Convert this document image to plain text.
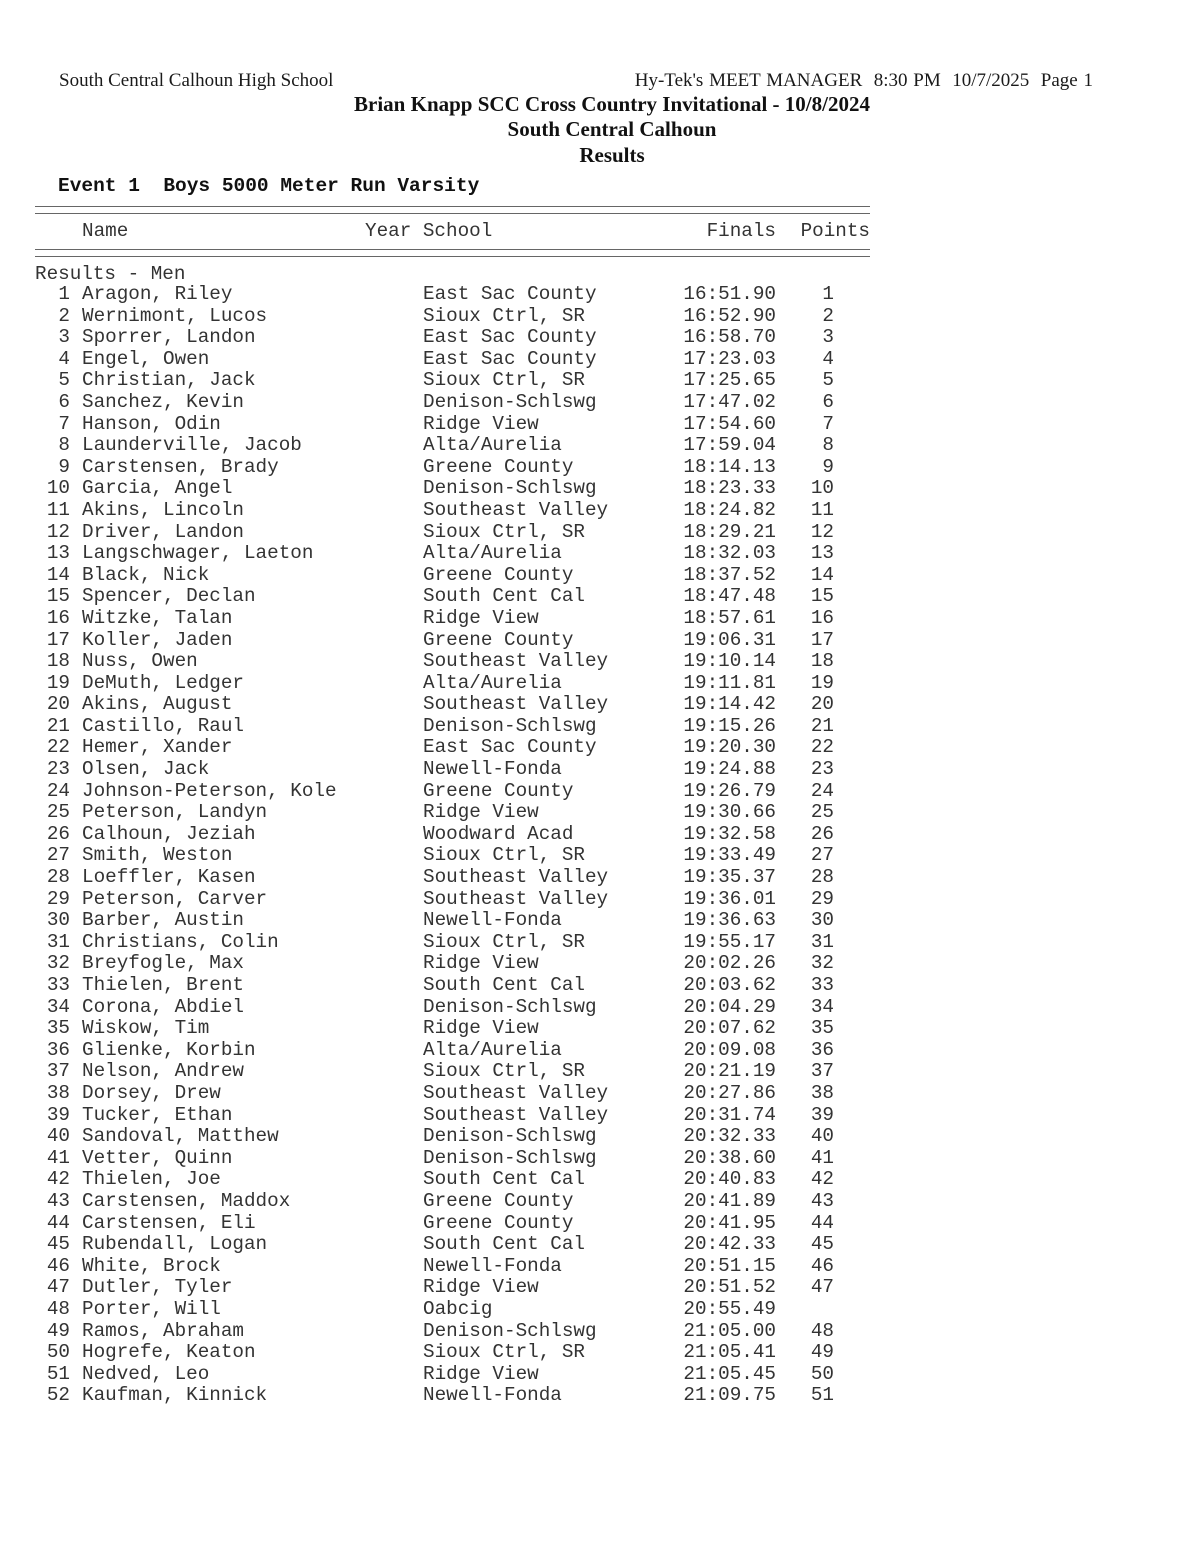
South Central Calhoun High School	Hy-Tek's MEET MANAGER  8:30 PM  10/7/2025  Page 1
Brian Knapp SCC Cross Country Invitational - 10/8/2024
South Central Calhoun
Results
Event 1  Boys 5000 Meter Run Varsity
Name	Year School	Finals	Points
Results - Men
1 Aragon, Riley	East Sac County	16:51.90	1
2 Wernimont, Lucos	Sioux Ctrl, SR	16:52.90	2
3 Sporrer, Landon	East Sac County	16:58.70	3
4 Engel, Owen	East Sac County	17:23.03	4
5 Christian, Jack	Sioux Ctrl, SR	17:25.65	5
6 Sanchez, Kevin	Denison-Schlswg	17:47.02	6
7 Hanson, Odin	Ridge View	17:54.60	7
8 Launderville, Jacob	Alta/Aurelia	17:59.04	8
9 Carstensen, Brady	Greene County	18:14.13	9
10 Garcia, Angel	Denison-Schlswg	18:23.33	10
11 Akins, Lincoln	Southeast Valley	18:24.82	11
12 Driver, Landon	Sioux Ctrl, SR	18:29.21	12
13 Langschwager, Laeton	Alta/Aurelia	18:32.03	13
14 Black, Nick	Greene County	18:37.52	14
15 Spencer, Declan	South Cent Cal	18:47.48	15
16 Witzke, Talan	Ridge View	18:57.61	16
17 Koller, Jaden	Greene County	19:06.31	17
18 Nuss, Owen	Southeast Valley	19:10.14	18
19 DeMuth, Ledger	Alta/Aurelia	19:11.81	19
20 Akins, August	Southeast Valley	19:14.42	20
21 Castillo, Raul	Denison-Schlswg	19:15.26	21
22 Hemer, Xander	East Sac County	19:20.30	22
23 Olsen, Jack	Newell-Fonda	19:24.88	23
24 Johnson-Peterson, Kole	Greene County	19:26.79	24
25 Peterson, Landyn	Ridge View	19:30.66	25
26 Calhoun, Jeziah	Woodward Acad	19:32.58	26
27 Smith, Weston	Sioux Ctrl, SR	19:33.49	27
28 Loeffler, Kasen	Southeast Valley	19:35.37	28
29 Peterson, Carver	Southeast Valley	19:36.01	29
30 Barber, Austin	Newell-Fonda	19:36.63	30
31 Christians, Colin	Sioux Ctrl, SR	19:55.17	31
32 Breyfogle, Max	Ridge View	20:02.26	32
33 Thielen, Brent	South Cent Cal	20:03.62	33
34 Corona, Abdiel	Denison-Schlswg	20:04.29	34
35 Wiskow, Tim	Ridge View	20:07.62	35
36 Glienke, Korbin	Alta/Aurelia	20:09.08	36
37 Nelson, Andrew	Sioux Ctrl, SR	20:21.19	37
38 Dorsey, Drew	Southeast Valley	20:27.86	38
39 Tucker, Ethan	Southeast Valley	20:31.74	39
40 Sandoval, Matthew	Denison-Schlswg	20:32.33	40
41 Vetter, Quinn	Denison-Schlswg	20:38.60	41
42 Thielen, Joe	South Cent Cal	20:40.83	42
43 Carstensen, Maddox	Greene County	20:41.89	43
44 Carstensen, Eli	Greene County	20:41.95	44
45 Rubendall, Logan	South Cent Cal	20:42.33	45
46 White, Brock	Newell-Fonda	20:51.15	46
47 Dutler, Tyler	Ridge View	20:51.52	47
48 Porter, Will	Oabcig	20:55.49
49 Ramos, Abraham	Denison-Schlswg	21:05.00	48
50 Hogrefe, Keaton	Sioux Ctrl, SR	21:05.41	49
51 Nedved, Leo	Ridge View	21:05.45	50
52 Kaufman, Kinnick	Newell-Fonda	21:09.75	51
